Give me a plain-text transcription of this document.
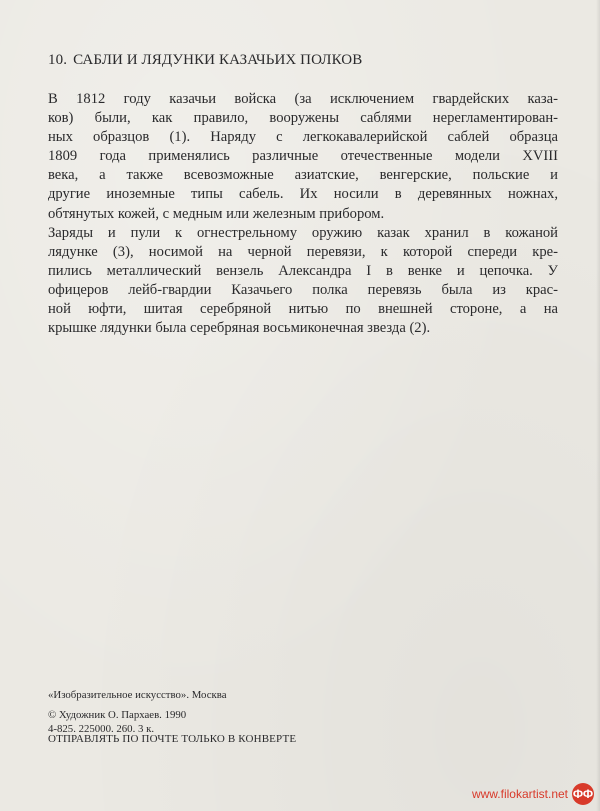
10. САБЛИ И ЛЯДУНКИ КАЗАЧЬИХ ПОЛКОВ
В 1812 году казачьи войска (за исключением гвардейских каза-
ков) были, как правило, вооружены саблями нерегламентирован-
ных образцов (1). Наряду с легкокавалерийской саблей образца
1809 года применялись различные отечественные модели XVIII
века, а также всевозможные азиатские, венгерские, польские и
другие иноземные типы сабель. Их носили в деревянных ножнах,
обтянутых кожей, с медным или железным прибором.
Заряды и пули к огнестрельному оружию казак хранил в кожаной
лядунке (3), носимой на черной перевязи, к которой спереди кре-
пились металлический вензель Александра I в венке и цепочка. У
офицеров лейб-гвардии Казачьего полка перевязь была из крас-
ной юфти, шитая серебряной нитью по внешней стороне, а на
крышке лядунки была серебряная восьмиконечная звезда (2).
«Изобразительное искусство». Москва
© Художник О. Пархаев. 1990
4-825. 225000. 260. 3 к.
ОТПРАВЛЯТЬ ПО ПОЧТЕ ТОЛЬКО В КОНВЕРТЕ
www.filokartist.net ФФ
